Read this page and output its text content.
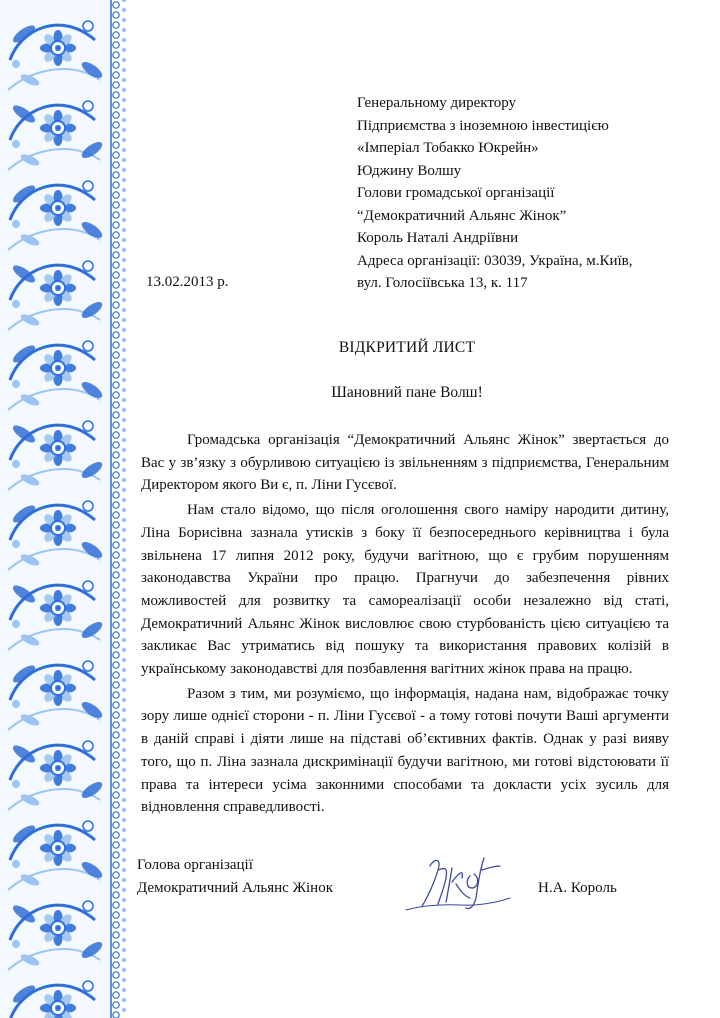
Генеральному директору
Підприємства з іноземною інвестицією
«Імперіал Тобакко Юкрейн»
Юджину Волшу
Голови громадської організації
“Демократичний Альянс Жінок”
Король Наталі Андріївни
Адреса організації: 03039, Україна, м.Київ,
вул. Голосіївська 13, к. 117
13.02.2013 р.
ВІДКРИТИЙ ЛИСТ
Шановний пане Волш!

Громадська організація “Демократичний Альянс Жінок” звертається до Вас у зв’язку з обурливою ситуацією із звільненням з підприємства, Генеральним Директором якого Ви є, п. Ліни Гусєвої.

Нам стало відомо, що після оголошення свого наміру народити дитину, Ліна Борисівна зазнала утисків з боку її безпосереднього керівництва і була звільнена 17 липня 2012 року, будучи вагітною, що є грубим порушенням законодавства України про працю. Прагнучи до забезпечення рівних можливостей для розвитку та самореалізації особи незалежно від статі, Демократичний Альянс Жінок висловлює свою стурбованість цією ситуацією та закликає Вас утриматись від пошуку та використання правових колізій в українському законодавстві для позбавлення вагітних жінок права на працю.

Разом з тим, ми розуміємо, що інформація, надана нам, відображає точку зору лише однієї сторони - п. Ліни Гусєвої - а тому готові почути Ваші аргументи в даній справі і діяти лише на підставі об’єктивних фактів. Однак у разі вияву того, що п. Ліна зазнала дискримінації будучи вагітною, ми готові відстоювати її права та інтереси усіма законними способами та докласти усіх зусиль для відновлення справедливості.

Голова організації
Демократичний Альянс Жінок	Н.А. Король
